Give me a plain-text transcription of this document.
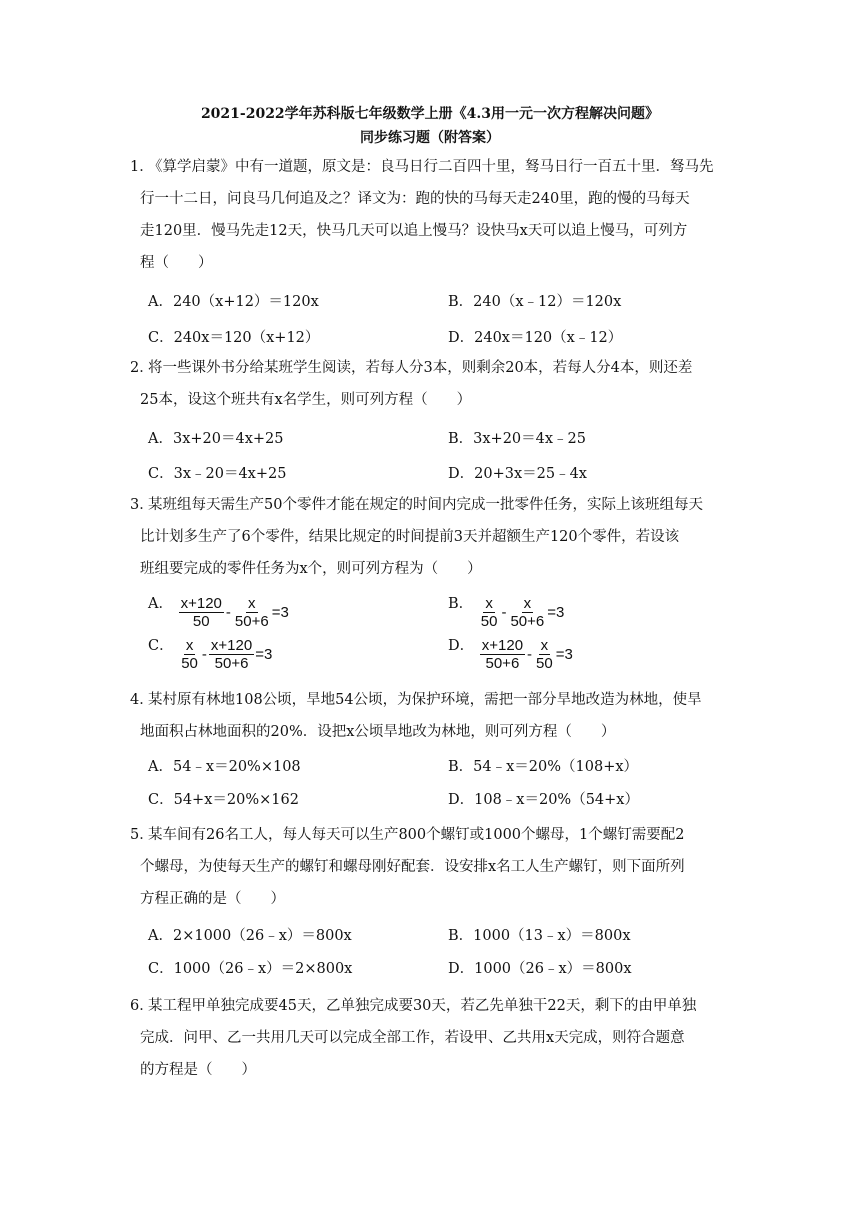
2021-2022学年苏科版七年级数学上册《4.3用一元一次方程解决问题》
同步练习题（附答案）
1．《算学启蒙》中有一道题，原文是：良马日行二百四十里，驽马日行一百五十里．驽马先
行一十二日，问良马几何追及之？译文为：跑的快的马每天走240里，跑的慢的马每天
走120里．慢马先走12天，快马几天可以追上慢马？设快马x天可以追上慢马，可列方
程（　　）
A．240（x+12）＝120x	B．240（x﹣12）＝120x
C．240x＝120（x+12）	D．240x＝120（x﹣12）
2．将一些课外书分给某班学生阅读，若每人分3本，则剩余20本，若每人分4本，则还差
25本，设这个班共有x名学生，则可列方程（　　）
A．3x+20＝4x+25	B．3x+20＝4x﹣25
C．3x﹣20＝4x+25	D．20+3x＝25﹣4x
3．某班组每天需生产50个零件才能在规定的时间内完成一批零件任务，实际上该班组每天
比计划多生产了6个零件，结果比规定的时间提前3天并超额生产120个零件，若设该
班组要完成的零件任务为x个，则可列方程为（　　）
A． $\frac{x+120}{50} - \frac{x}{50+6} =3$	B． $\frac{x}{50} - \frac{x}{50+6} =3$
C． $\frac{x}{50} - \frac{x+120}{50+6} =3$	D． $\frac{x+120}{50+6} - \frac{x}{50} =3$
4．某村原有林地108公顷，旱地54公顷，为保护环境，需把一部分旱地改造为林地，使旱
地面积占林地面积的20%．设把x公顷旱地改为林地，则可列方程（　　）
A．54﹣x＝20%×108	B．54﹣x＝20%（108+x）
C．54+x＝20%×162	D．108﹣x＝20%（54+x）
5．某车间有26名工人，每人每天可以生产800个螺钉或1000个螺母，1个螺钉需要配2
个螺母，为使每天生产的螺钉和螺母刚好配套．设安排x名工人生产螺钉，则下面所列
方程正确的是（　　）
A．2×1000（26﹣x）＝800x	B．1000（13﹣x）＝800x
C．1000（26﹣x）＝2×800x	D．1000（26﹣x）＝800x
6．某工程甲单独完成要45天，乙单独完成要30天，若乙先单独干22天，剩下的由甲单独
完成．问甲、乙一共用几天可以完成全部工作，若设甲、乙共用x天完成，则符合题意
的方程是（　　）
